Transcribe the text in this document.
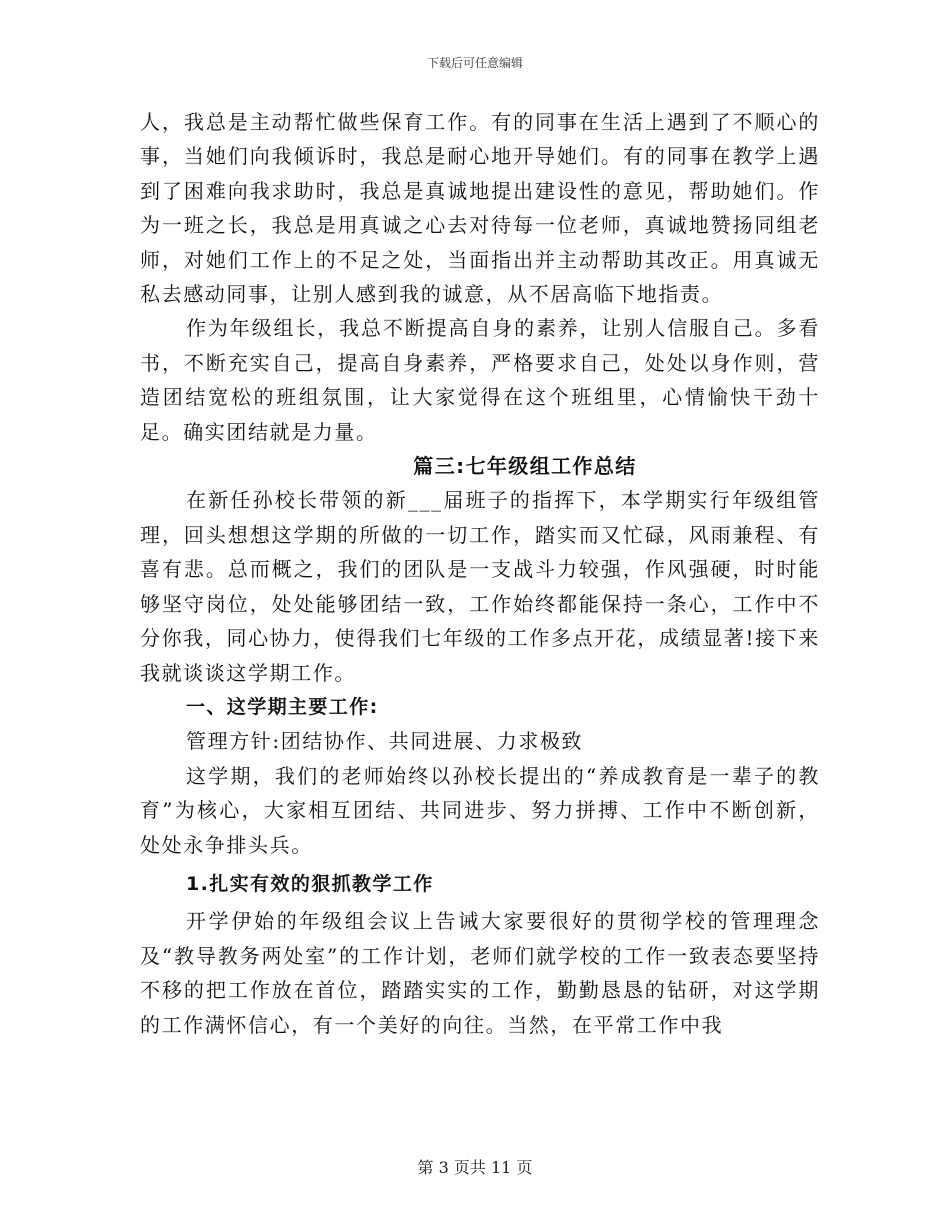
下载后可任意编辑

人，我总是主动帮忙做些保育工作。有的同事在生活上遇到了不顺心的事，当她们向我倾诉时，我总是耐心地开导她们。有的同事在教学上遇到了困难向我求助时，我总是真诚地提出建设性的意见，帮助她们。作为一班之长，我总是用真诚之心去对待每一位老师，真诚地赞扬同组老师，对她们工作上的不足之处，当面指出并主动帮助其改正。用真诚无私去感动同事，让别人感到我的诚意，从不居高临下地指责。

作为年级组长，我总不断提高自身的素养，让别人信服自己。多看书，不断充实自己，提高自身素养，严格要求自己，处处以身作则，营造团结宽松的班组氛围，让大家觉得在这个班组里，心情愉快干劲十足。确实团结就是力量。

篇三:七年级组工作总结

在新任孙校长带领的新___届班子的指挥下，本学期实行年级组管理，回头想想这学期的所做的一切工作，踏实而又忙碌，风雨兼程、有喜有悲。总而概之，我们的团队是一支战斗力较强，作风强硬，时时能够坚守岗位，处处能够团结一致，工作始终都能保持一条心，工作中不分你我，同心协力，使得我们七年级的工作多点开花，成绩显著!接下来我就谈谈这学期工作。

一、这学期主要工作:

管理方针:团结协作、共同进展、力求极致

这学期，我们的老师始终以孙校长提出的“养成教育是一辈子的教育”为核心，大家相互团结、共同进步、努力拼搏、工作中不断创新，处处永争排头兵。

1.扎实有效的狠抓教学工作

开学伊始的年级组会议上告诫大家要很好的贯彻学校的管理理念及“教导教务两处室”的工作计划，老师们就学校的工作一致表态要坚持不移的把工作放在首位，踏踏实实的工作，勤勤恳恳的钻研，对这学期的工作满怀信心，有一个美好的向往。当然，在平常工作中我

第 3 页共 11 页
